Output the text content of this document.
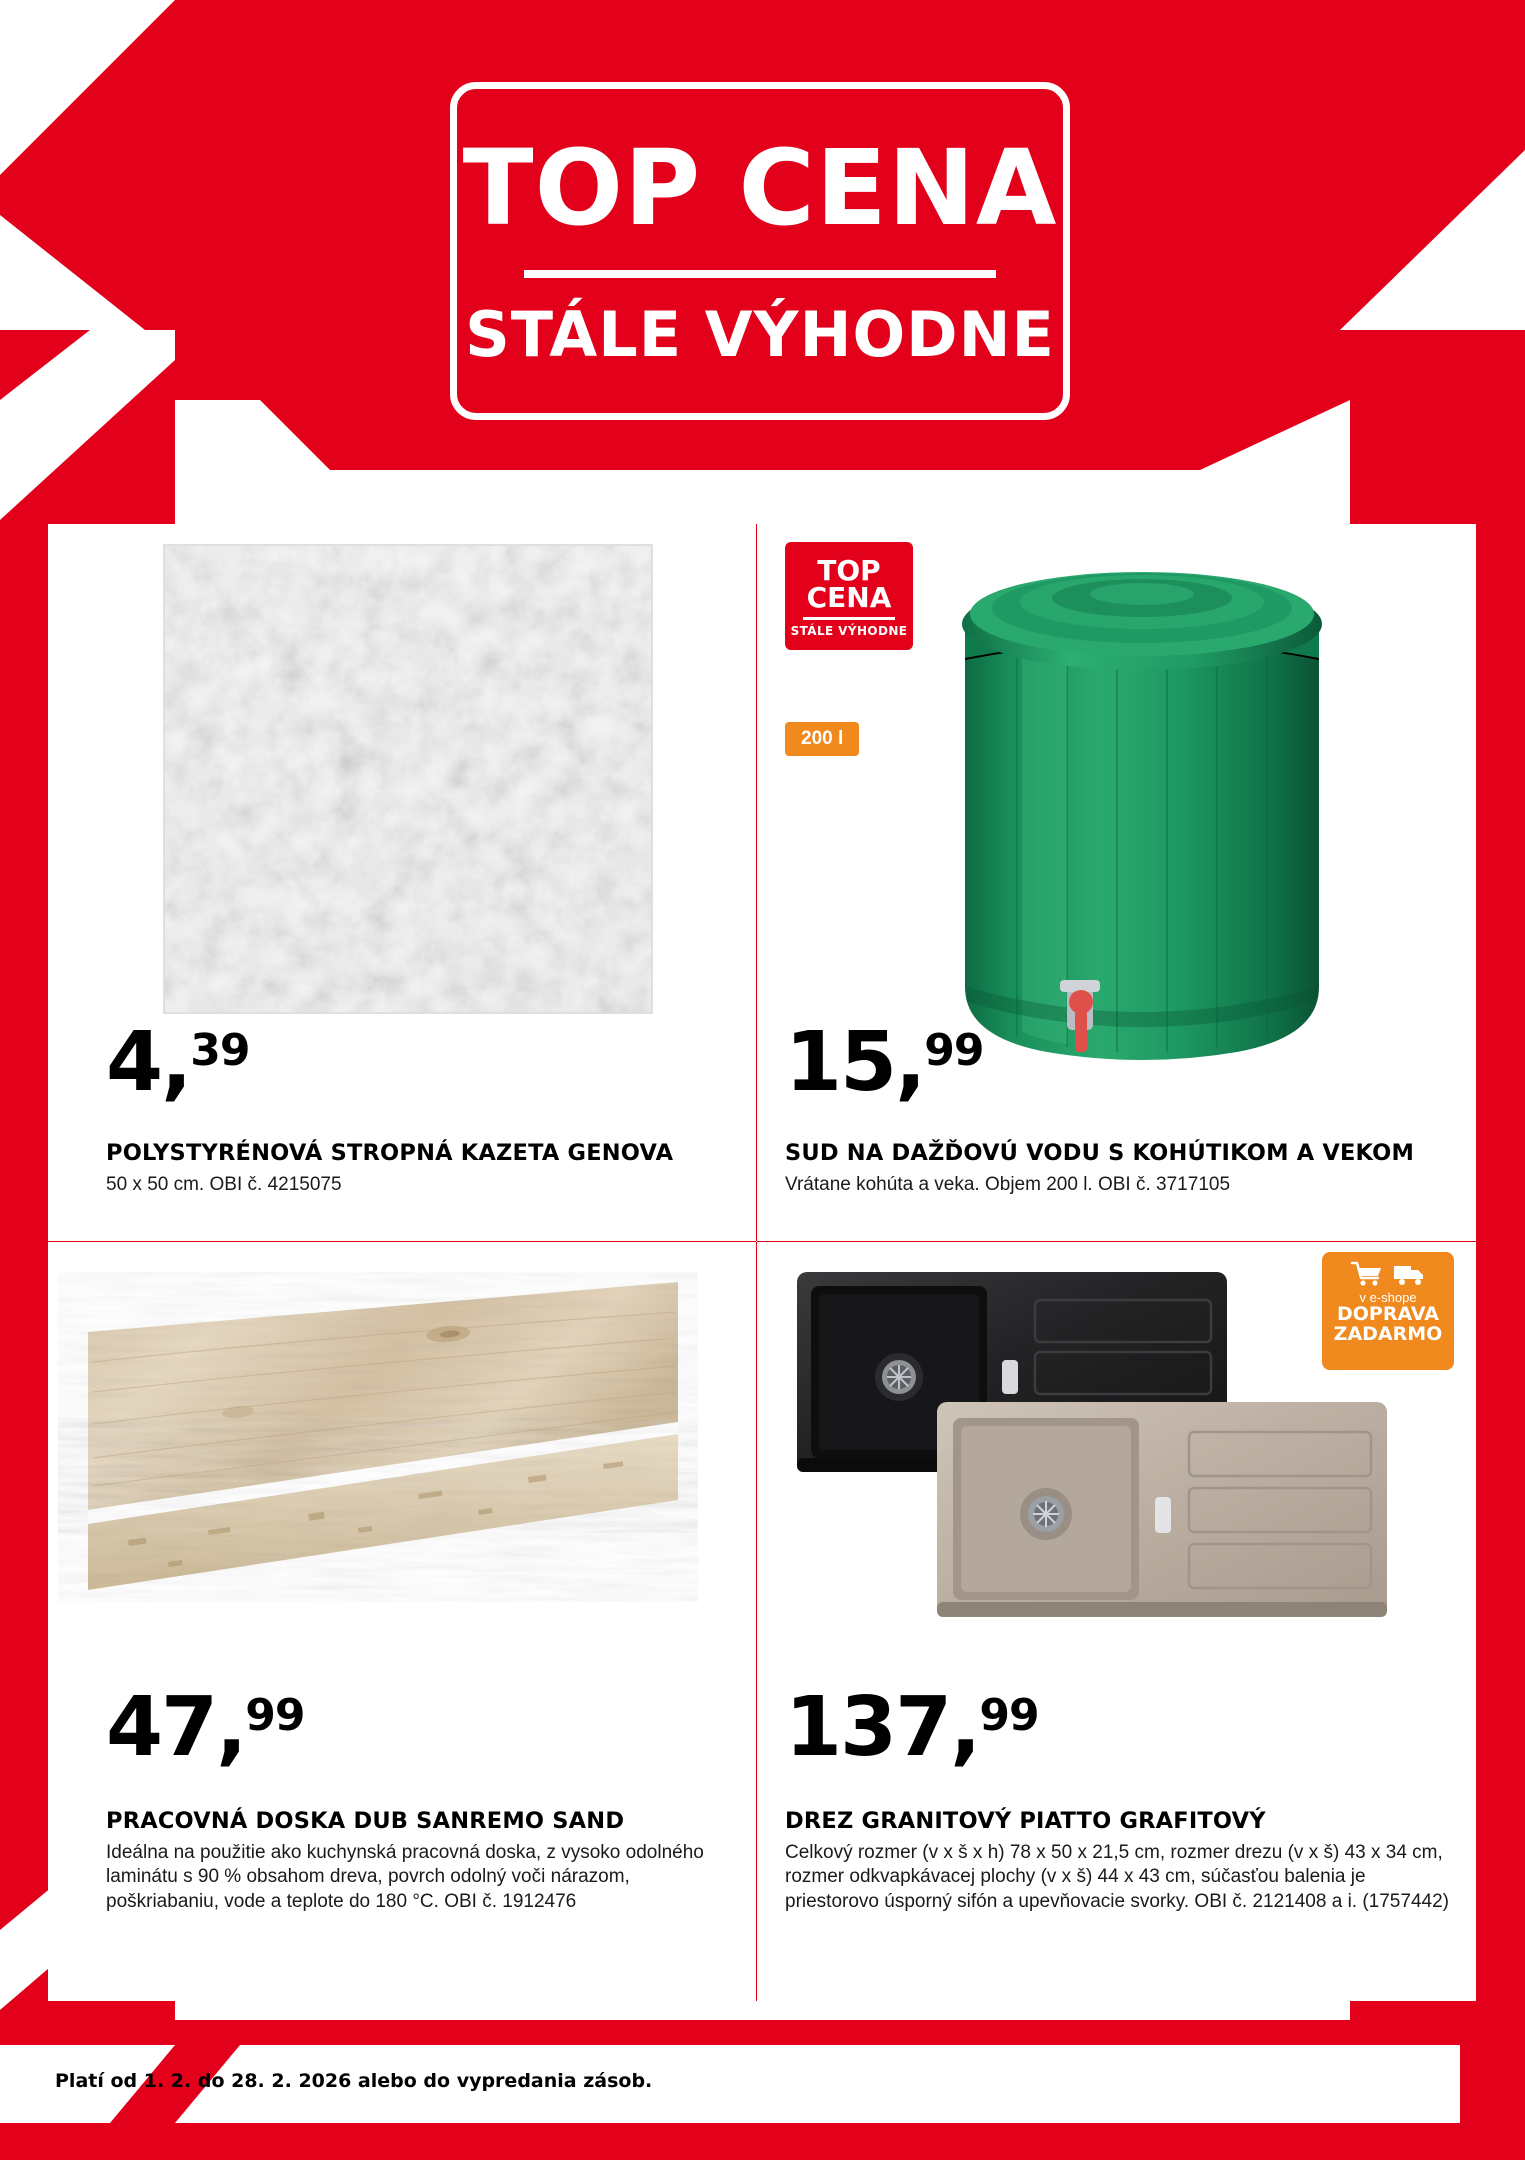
TOP CENA
STÁLE VÝHODNE
4 , 39
POLYSTYRÉNOVÁ STROPNÁ KAZETA GENOVA
50 x 50 cm. OBI č. 4215075
TOP
CENA
STÁLE VÝHODNE
200 l
15 , 99
SUD NA DAŽĎOVÚ VODU S KOHÚTIKOM A VEKOM
Vrátane kohúta a veka. Objem 200 l. OBI č. 3717105
47 , 99
PRACOVNÁ DOSKA DUB SANREMO SAND
Ideálna na použitie ako kuchynská pracovná doska, z vysoko odolného laminátu s 90 % obsahom dreva, povrch odolný voči nárazom, poškriabaniu, vode a teplote do 180 °C. OBI č. 1912476
v e-shope
DOPRAVA
ZADARMO
137 , 99
DREZ GRANITOVÝ PIATTO GRAFITOVÝ
Celkový rozmer (v x š x h) 78 x 50 x 21,5 cm, rozmer drezu (v x š) 43 x 34 cm, rozmer odkvapkávacej plochy (v x š) 44 x 43 cm, súčasťou balenia je priestorovo úsporný sifón a upevňovacie svorky. OBI č. 2121408 a i. (1757442)
Platí od 1. 2. do 28. 2. 2026 alebo do vypredania zásob.
